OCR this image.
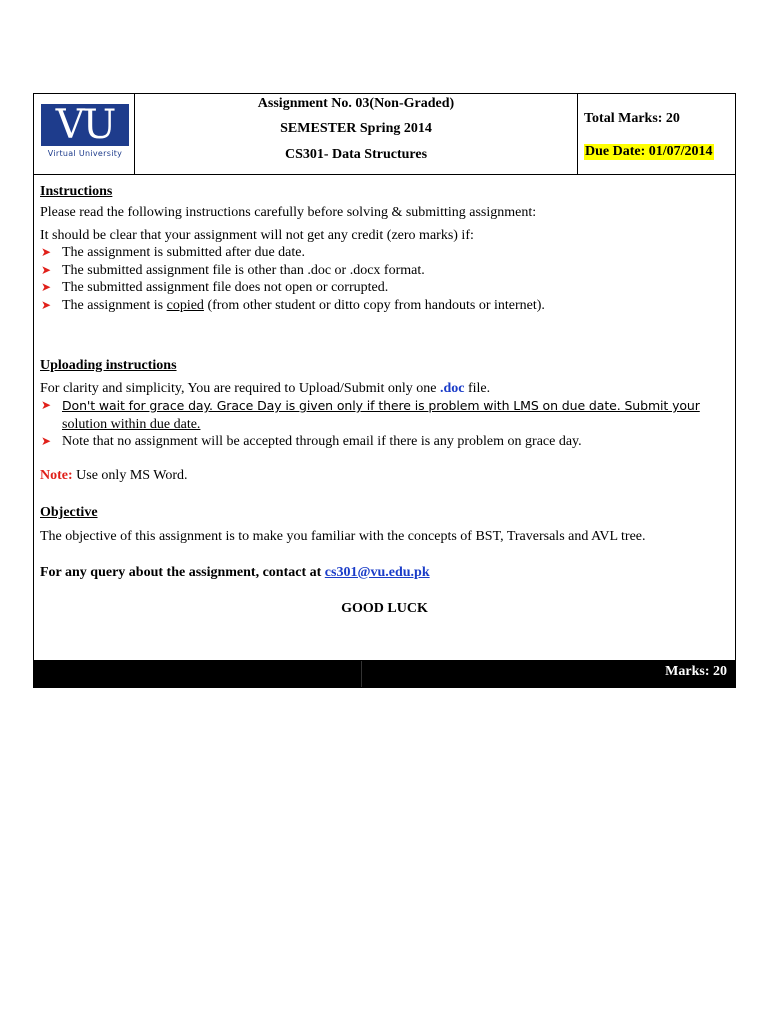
VU
Virtual University
Assignment No. 03(Non-Graded)
SEMESTER Spring 2014
CS301- Data Structures
Total Marks: 20
Due Date: 01/07/2014

Instructions

Please read the following instructions carefully before solving & submitting assignment:

It should be clear that your assignment will not get any credit (zero marks) if:

➤ The assignment is submitted after due date.
➤ The submitted assignment file is other than .doc or .docx format.
➤ The submitted assignment file does not open or corrupted.
➤ The assignment is copied (from other student or ditto copy from handouts or internet).

Uploading instructions

For clarity and simplicity, You are required to Upload/Submit only one .doc file.

➤ Don't wait for grace day. Grace Day is given only if there is problem with LMS on due date. Submit your
solution within due date.
➤ Note that no assignment will be accepted through email if there is any problem on grace day.

Note: Use only MS Word.

Objective

The objective of this assignment is to make you familiar with the concepts of BST, Traversals and AVL tree.

For any query about the assignment, contact at cs301@vu.edu.pk

GOOD LUCK

Marks: 20
